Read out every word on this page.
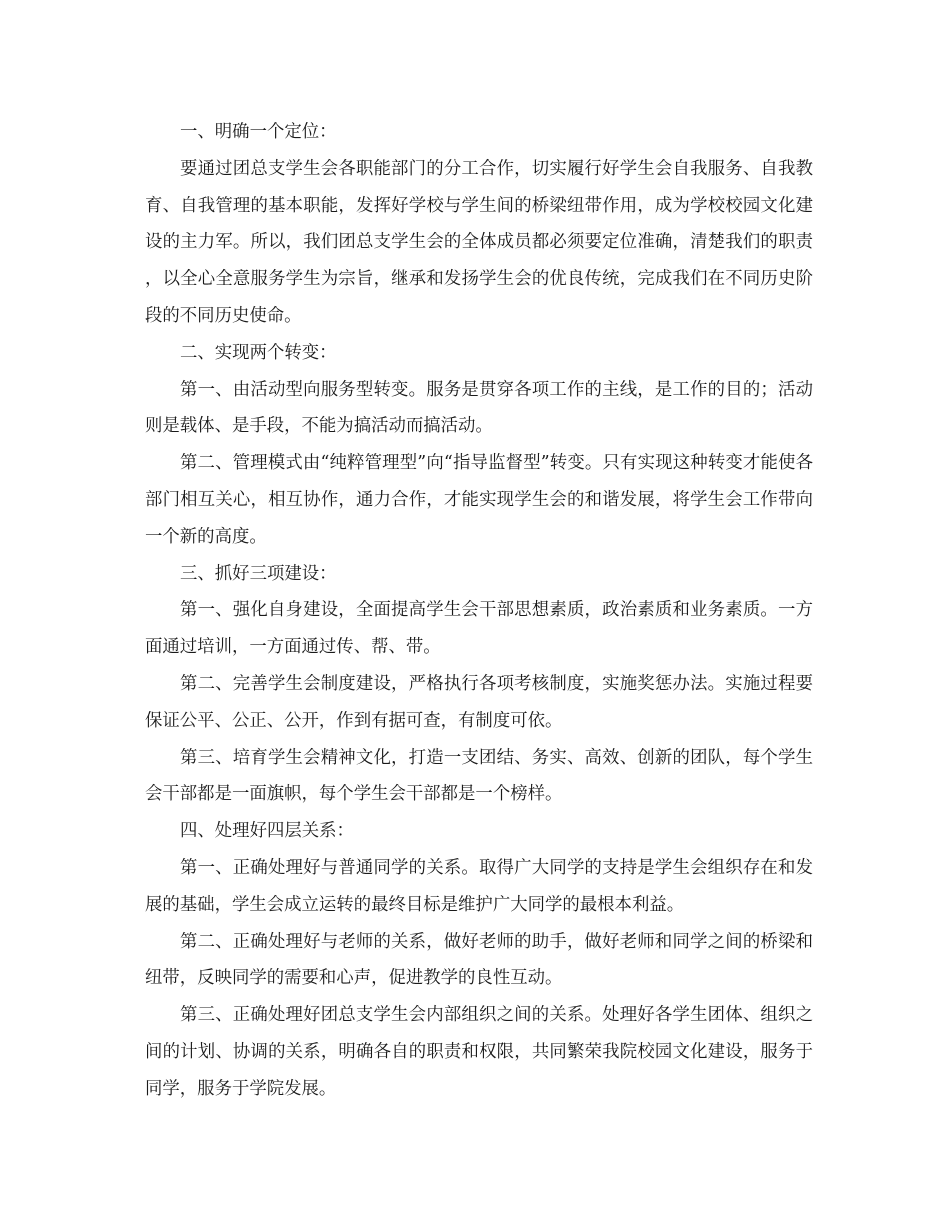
一、明确一个定位：

要通过团总支学生会各职能部门的分工合作，切实履行好学生会自我服务、自我教育、自我管理的基本职能，发挥好学校与学生间的桥梁纽带作用，成为学校校园文化建设的主力军。所以，我们团总支学生会的全体成员都必须要定位准确，清楚我们的职责，以全心全意服务学生为宗旨，继承和发扬学生会的优良传统，完成我们在不同历史阶段的不同历史使命。

二、实现两个转变：

第一、由活动型向服务型转变。服务是贯穿各项工作的主线，是工作的目的；活动则是载体、是手段，不能为搞活动而搞活动。

第二、管理模式由“纯粹管理型”向“指导监督型”转变。只有实现这种转变才能使各部门相互关心，相互协作，通力合作，才能实现学生会的和谐发展，将学生会工作带向一个新的高度。

三、抓好三项建设：

第一、强化自身建设，全面提高学生会干部思想素质，政治素质和业务素质。一方面通过培训，一方面通过传、帮、带。

第二、完善学生会制度建设，严格执行各项考核制度，实施奖惩办法。实施过程要保证公平、公正、公开，作到有据可查，有制度可依。

第三、培育学生会精神文化，打造一支团结、务实、高效、创新的团队，每个学生会干部都是一面旗帜，每个学生会干部都是一个榜样。

四、处理好四层关系：

第一、正确处理好与普通同学的关系。取得广大同学的支持是学生会组织存在和发展的基础，学生会成立运转的最终目标是维护广大同学的最根本利益。

第二、正确处理好与老师的关系，做好老师的助手，做好老师和同学之间的桥梁和纽带，反映同学的需要和心声，促进教学的良性互动。

第三、正确处理好团总支学生会内部组织之间的关系。处理好各学生团体、组织之间的计划、协调的关系，明确各自的职责和权限，共同繁荣我院校园文化建设，服务于同学，服务于学院发展。
